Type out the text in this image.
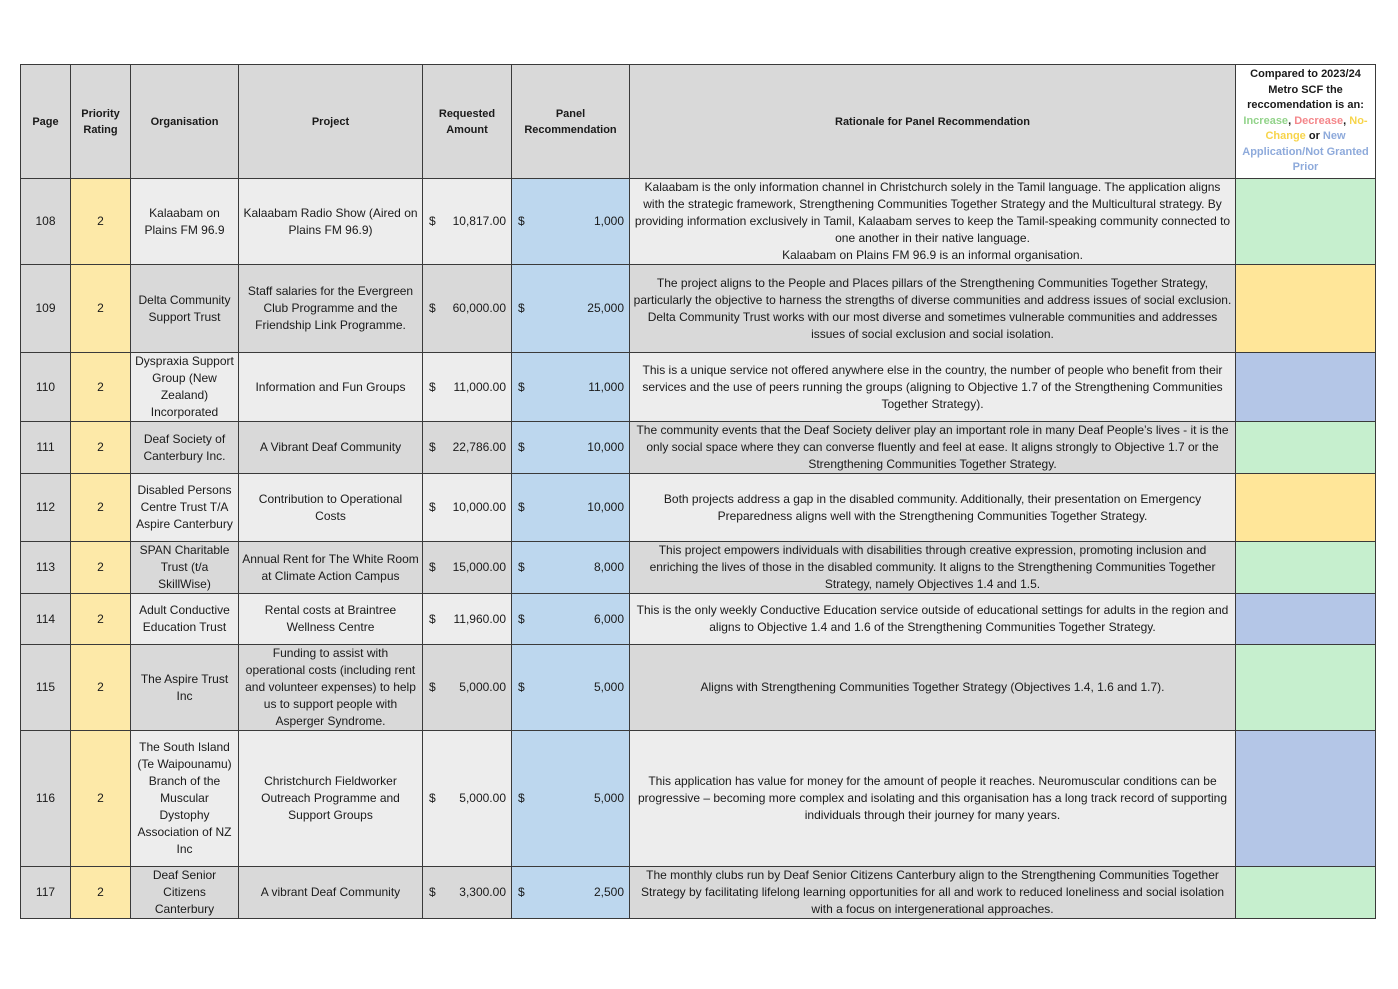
Page	Priority Rating	Organisation	Project	Requested Amount	Panel Recommendation	Rationale for Panel Recommendation	Compared to 2023/24 Metro SCF the reccomendation is an: Increase, Decrease, No-Change or New Application/Not Granted Prior
108	2	Kalaabam on Plains FM 96.9	Kalaabam Radio Show (Aired on Plains FM 96.9)	$ 10,817.00	$ 1,000	Kalaabam is the only information channel in Christchurch solely in the Tamil language. The application aligns with the strategic framework, Strengthening Communities Together Strategy and the Multicultural strategy. By providing information exclusively in Tamil, Kalaabam serves to keep the Tamil-speaking community connected to one another in their native language.
Kalaabam on Plains FM 96.9 is an informal organisation.	

109	2	Delta Community Support Trust	Staff salaries for the Evergreen Club Programme and the Friendship Link Programme.	$ 60,000.00	$ 25,000	The project aligns to the People and Places pillars of the Strengthening Communities Together Strategy, particularly the objective to harness the strengths of diverse communities and address issues of social exclusion. Delta Community Trust works with our most diverse and sometimes vulnerable communities and addresses issues of social exclusion and social isolation.	

110	2	Dyspraxia Support Group (New Zealand) Incorporated	Information and Fun Groups	$ 11,000.00	$ 11,000	This is a unique service not offered anywhere else in the country, the number of people who benefit from their services and the use of peers running the groups (aligning to Objective 1.7 of the Strengthening Communities Together Strategy).	

111	2	Deaf Society of Canterbury Inc.	A Vibrant Deaf Community	$ 22,786.00	$ 10,000	The community events that the Deaf Society deliver play an important role in many Deaf People’s lives - it is the only social space where they can converse fluently and feel at ease. It aligns strongly to Objective 1.7 or the Strengthening Communities Together Strategy.	

112	2	Disabled Persons Centre Trust T/A Aspire Canterbury	Contribution to Operational Costs	$ 10,000.00	$ 10,000	Both projects address a gap in the disabled community. Additionally, their presentation on Emergency Preparedness aligns well with the Strengthening Communities Together Strategy.	

113	2	SPAN Charitable Trust (t/a SkillWise)	Annual Rent for The White Room at Climate Action Campus	$ 15,000.00	$ 8,000	This project empowers individuals with disabilities through creative expression, promoting inclusion and enriching the lives of those in the disabled community. It aligns to the Strengthening Communities Together Strategy, namely Objectives 1.4 and 1.5.	

114	2	Adult Conductive Education Trust	Rental costs at Braintree Wellness Centre	$ 11,960.00	$ 6,000	This is the only weekly Conductive Education service outside of educational settings for adults in the region and aligns to Objective 1.4 and 1.6 of the Strengthening Communities Together Strategy.	

115	2	The Aspire Trust Inc	Funding to assist with operational costs (including rent and volunteer expenses) to help us to support people with Asperger Syndrome.	$ 5,000.00	$ 5,000	Aligns with Strengthening Communities Together Strategy (Objectives 1.4, 1.6 and 1.7).	

116	2	The South Island (Te Waipounamu) Branch of the Muscular Dystophy Association of NZ Inc	Christchurch Fieldworker Outreach Programme and Support Groups	$ 5,000.00	$ 5,000	This application has value for money for the amount of people it reaches. Neuromuscular conditions can be progressive – becoming more complex and isolating and this organisation has a long track record of supporting individuals through their journey for many years.	

117	2	Deaf Senior Citizens Canterbury	A vibrant Deaf Community	$ 3,300.00	$ 2,500	The monthly clubs run by Deaf Senior Citizens Canterbury align to the Strengthening Communities Together Strategy by facilitating lifelong learning opportunities for all and work to reduced loneliness and social isolation with a focus on intergenerational approaches.	
